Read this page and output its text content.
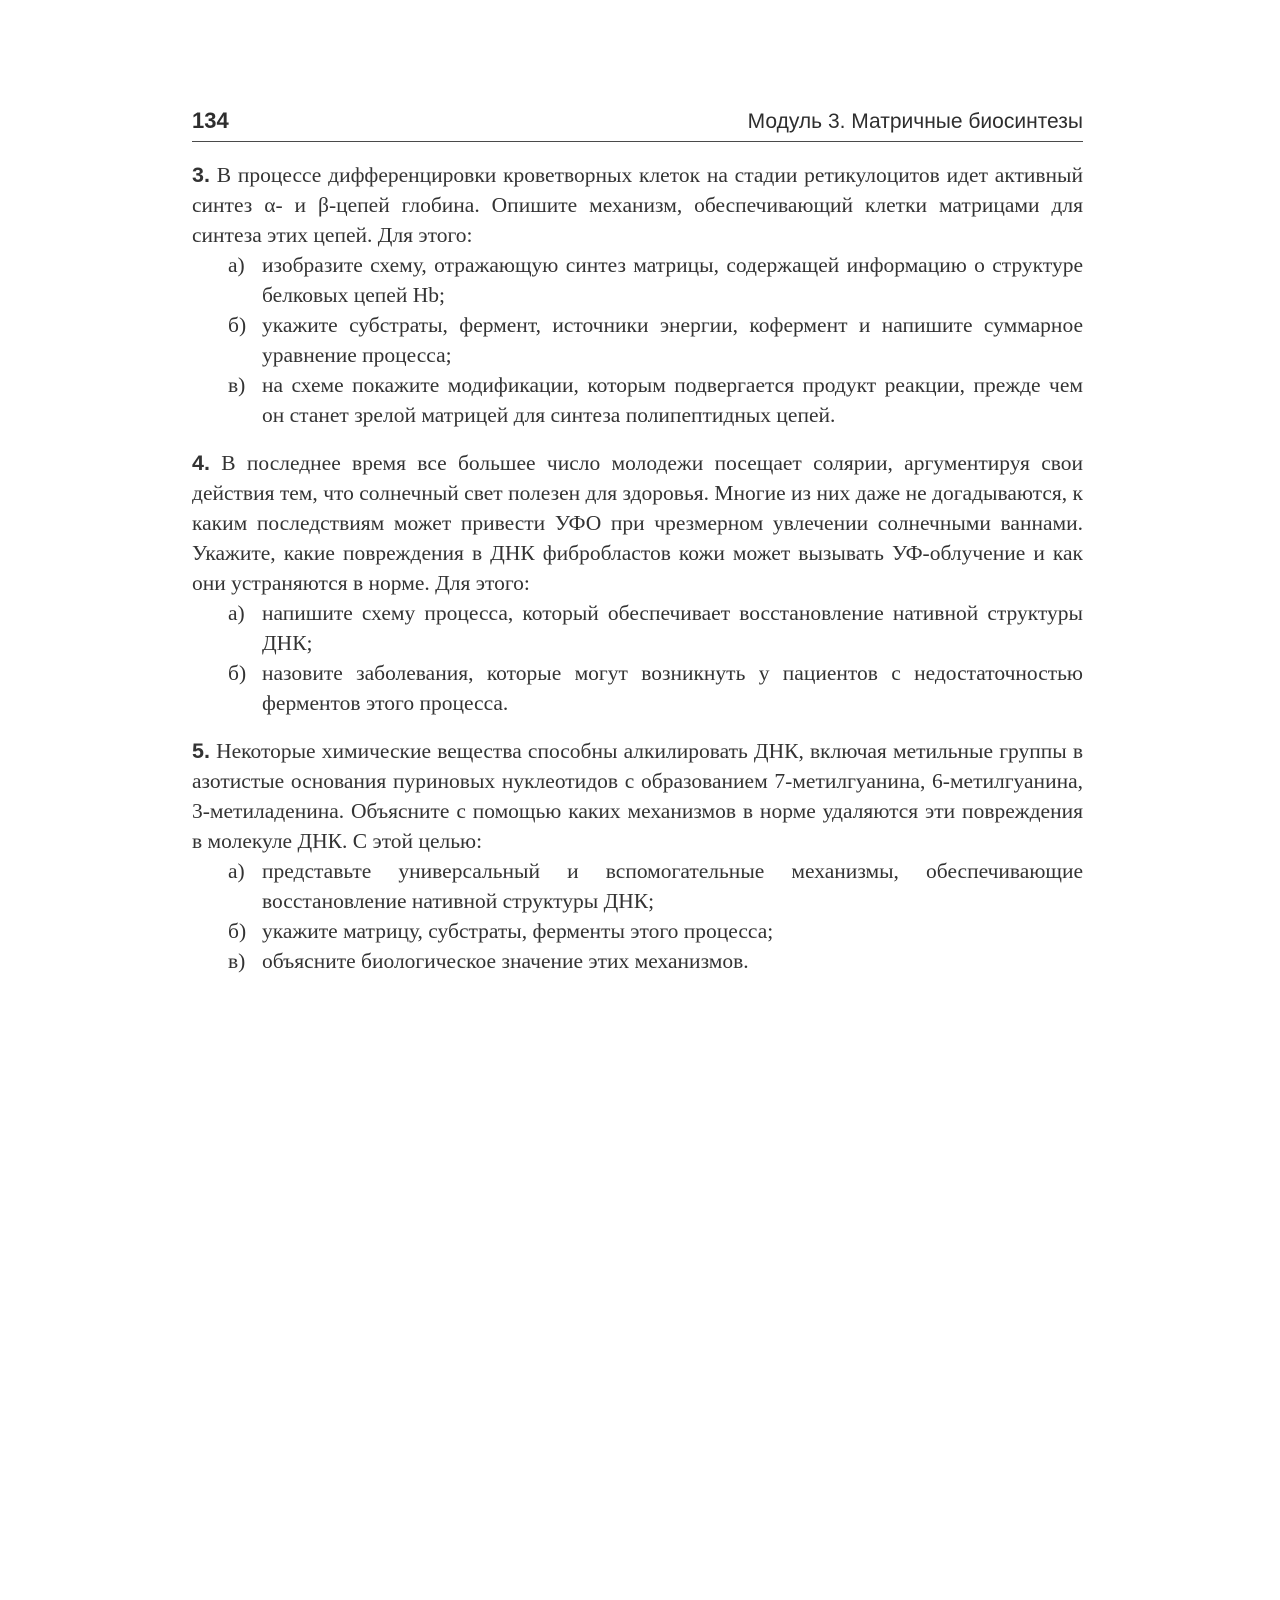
134	Модуль 3. Матричные биосинтезы

3. В процессе дифференцировки кроветворных клеток на стадии ретикулоцитов идет активный синтез α- и β-цепей глобина. Опишите механизм, обеспечивающий клетки матрицами для синтеза этих цепей. Для этого:

а) изобразите схему, отражающую синтез матрицы, содержащей информацию о структуре белковых цепей Hb;
б) укажите субстраты, фермент, источники энергии, кофермент и напишите суммарное уравнение процесса;
в) на схеме покажите модификации, которым подвергается продукт реакции, прежде чем он станет зрелой матрицей для синтеза полипептидных цепей.

4. В последнее время все большее число молодежи посещает солярии, аргументируя свои действия тем, что солнечный свет полезен для здоровья. Многие из них даже не догадываются, к каким последствиям может привести УФО при чрезмерном увлечении солнечными ваннами. Укажите, какие повреждения в ДНК фибробластов кожи может вызывать УФ-облучение и как они устраняются в норме. Для этого:

а) напишите схему процесса, который обеспечивает восстановление нативной структуры ДНК;
б) назовите заболевания, которые могут возникнуть у пациентов с недостаточностью ферментов этого процесса.

5. Некоторые химические вещества способны алкилировать ДНК, включая метильные группы в азотистые основания пуриновых нуклеотидов с образованием 7-метилгуанина, 6-метилгуанина, 3-метиладенина. Объясните с помощью каких механизмов в норме удаляются эти повреждения в молекуле ДНК. С этой целью:

а) представьте универсальный и вспомогательные механизмы, обеспечивающие восстановление нативной структуры ДНК;
б) укажите матрицу, субстраты, ферменты этого процесса;
в) объясните биологическое значение этих механизмов.
